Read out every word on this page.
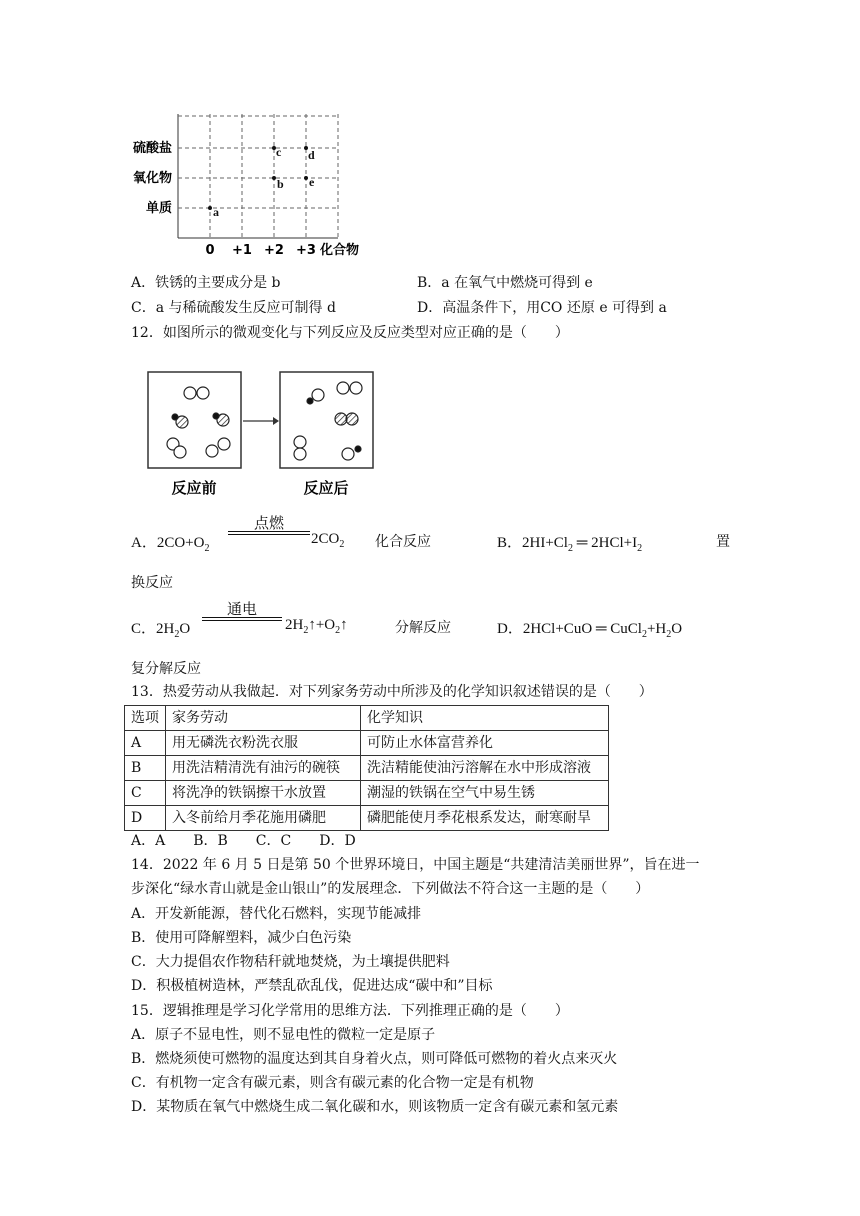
硫酸盐
氧化物
单质
0 +1 +2 +3 化合物
a
b
c d
e
A．铁锈的主要成分是 b	B．a 在氧气中燃烧可得到 e
C．a 与稀硫酸发生反应可制得 d	D．高温条件下，用CO 还原 e 可得到 a
12．如图所示的微观变化与下列反应及反应类型对应正确的是（　　）
反应前	反应后
A．$2CO+O_2$
点燃
$2CO_2$ 化合反应	B．$2HI+Cl_2$ ═ $2HCl+I_2$	置
换反应
C．$2H_2O$
通电
$2H_2↑+O_2↑$	分解反应	D．2HCl+CuO ═ $CuCl_2+H_2O$
复分解反应
13．热爱劳动从我做起．对下列家务劳动中所涉及的化学知识叙述错误的是（　　）
选项	家务劳动	化学知识
A	用无磷洗衣粉洗衣服	可防止水体富营养化
B	用洗洁精清洗有油污的碗筷	洗洁精能使油污溶解在水中形成溶液
C	将洗净的铁锅擦干水放置	潮湿的铁锅在空气中易生锈
D	入冬前给月季花施用磷肥	磷肥能使月季花根系发达，耐寒耐旱
A．A　　B．B　　C．C　　D．D
14．2022 年 6 月 5 日是第 50 个世界环境日，中国主题是“共建清洁美丽世界”，旨在进一
步深化“绿水青山就是金山银山”的发展理念．下列做法不符合这一主题的是（　　）
A．开发新能源，替代化石燃料，实现节能减排
B．使用可降解塑料，减少白色污染
C．大力提倡农作物秸秆就地焚烧，为土壤提供肥料
D．积极植树造林，严禁乱砍乱伐，促进达成“碳中和”目标
15．逻辑推理是学习化学常用的思维方法．下列推理正确的是（　　）
A．原子不显电性，则不显电性的微粒一定是原子
B．燃烧须使可燃物的温度达到其自身着火点，则可降低可燃物的着火点来灭火
C．有机物一定含有碳元素，则含有碳元素的化合物一定是有机物
D．某物质在氧气中燃烧生成二氧化碳和水，则该物质一定含有碳元素和氢元素
